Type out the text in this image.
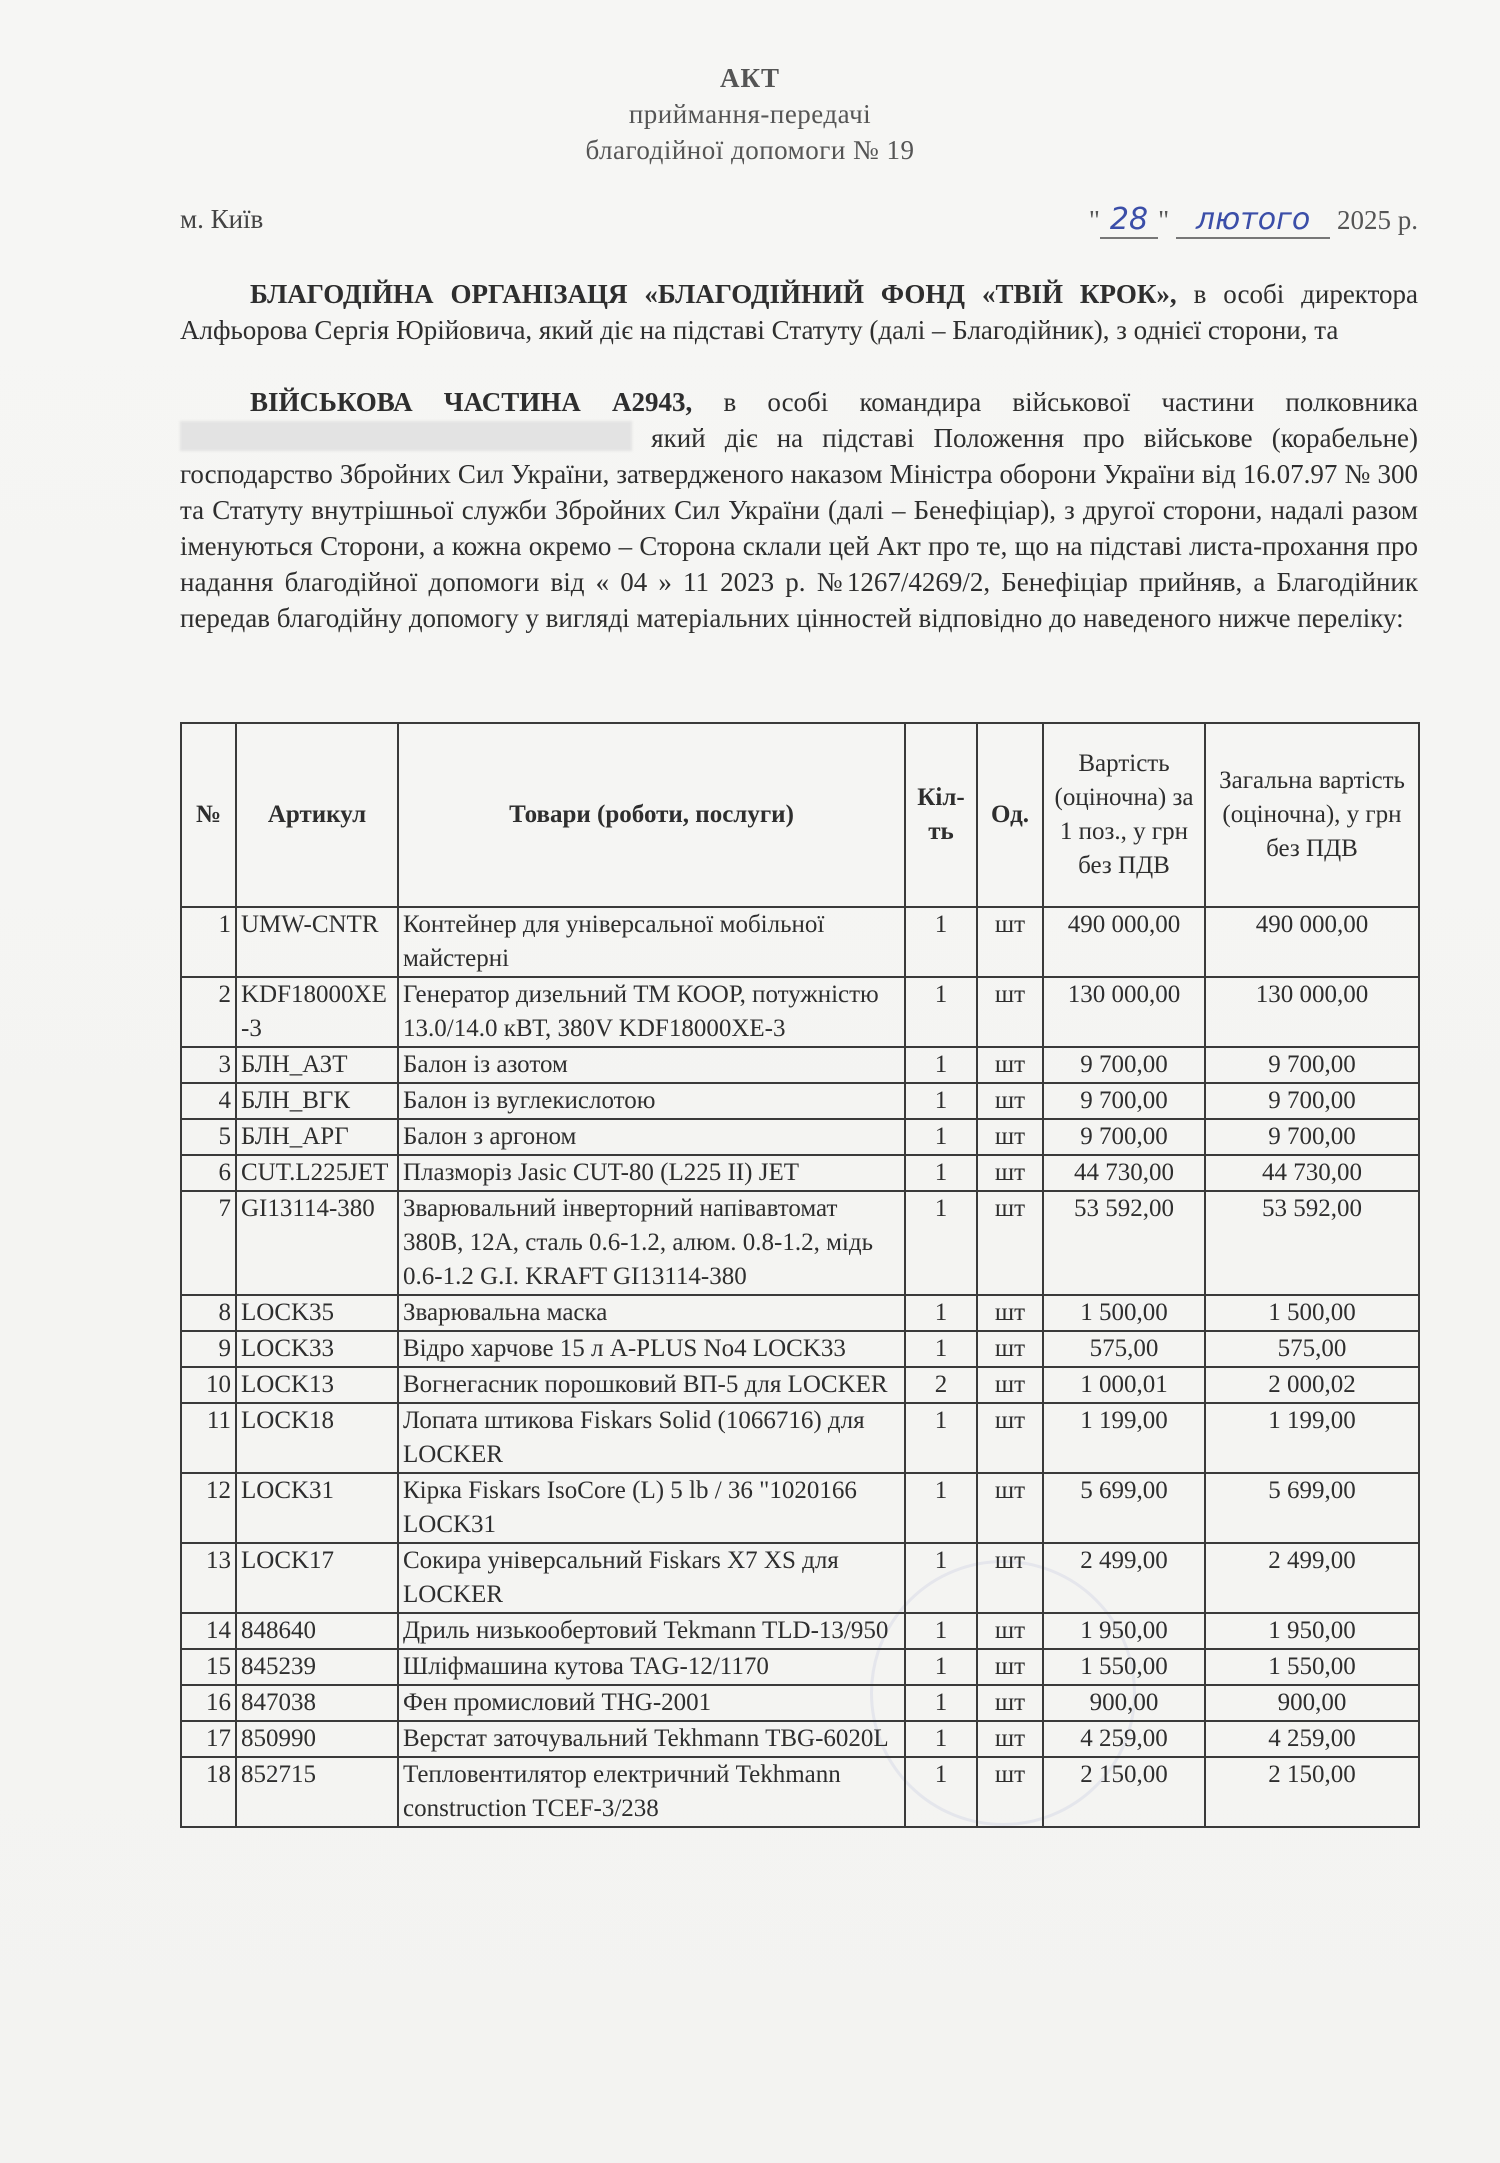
АКТ
приймання-передачі
благодійної допомоги № 19
м. Київ	" 28 " лютого 2025 р.
БЛАГОДІЙНА ОРГАНІЗАЦЯ «БЛАГОДІЙНИЙ ФОНД «ТВІЙ КРОК», в особі директора Алфьорова Сергія Юрійовича, який діє на підставі Статуту (далі – Благодійник), з однієї сторони, та
ВІЙСЬКОВА ЧАСТИНА А2943, в особі командира військової частини полковника  який діє на підставі Положення про військове (корабельне) господарство Збройних Сил України, затвердженого наказом Міністра оборони України від 16.07.97 № 300 та Статуту внутрішньої служби Збройних Сил України (далі – Бенефіціар), з другої сторони, надалі разом іменуються Сторони, а кожна окремо – Сторона склали цей Акт про те, що на підставі листа-прохання про надання благодійної допомоги від « 04 » 11 2023 р. №1267/4269/2, Бенефіціар прийняв, а Благодійник передав благодійну допомогу у вигляді матеріальних цінностей відповідно до наведеного нижче переліку:
№	Артикул	Товари (роботи, послуги)	Кіл-ть	Од.	Вартість (оціночна) за 1 поз., у грн без ПДВ	Загальна вартість (оціночна), у грн без ПДВ
1	UMW-CNTR	Контейнер для універсальної мобільної майстерні	1	шт	490 000,00	490 000,00
2	KDF18000XE-3	Генератор дизельний ТМ КООР, потужністю 13.0/14.0 кВТ, 380V KDF18000XE-3	1	шт	130 000,00	130 000,00
3	БЛН_АЗТ	Балон із азотом	1	шт	9 700,00	9 700,00
4	БЛН_ВГК	Балон із вуглекислотою	1	шт	9 700,00	9 700,00
5	БЛН_АРГ	Балон з аргоном	1	шт	9 700,00	9 700,00
6	CUT.L225JET	Плазморіз Jasic CUT-80 (L225 II) JET	1	шт	44 730,00	44 730,00
7	GI13114-380	Зварювальний інверторний напівавтомат 380В, 12А, сталь 0.6-1.2, алюм. 0.8-1.2, мідь 0.6-1.2 G.I. KRAFT GI13114-380	1	шт	53 592,00	53 592,00
8	LOCK35	Зварювальна маска	1	шт	1 500,00	1 500,00
9	LOCK33	Відро харчове 15 л A-PLUS No4 LOCK33	1	шт	575,00	575,00
10	LOCK13	Вогнегасник порошковий ВП-5 для LOCKER	2	шт	1 000,01	2 000,02
11	LOCK18	Лопата штикова Fiskars Solid (1066716) для LOCKER	1	шт	1 199,00	1 199,00
12	LOCK31	Кірка Fiskars IsoCore (L) 5 lb / 36 "1020166 LOCK31	1	шт	5 699,00	5 699,00
13	LOCK17	Сокира універсальний Fiskars X7 XS для LOCKER	1	шт	2 499,00	2 499,00
14	848640	Дриль низькообертовий Tekmann TLD-13/950	1	шт	1 950,00	1 950,00
15	845239	Шліфмашина кутова TAG-12/1170	1	шт	1 550,00	1 550,00
16	847038	Фен промисловий THG-2001	1	шт	900,00	900,00
17	850990	Верстат заточувальний Tekhmann TBG-6020L	1	шт	4 259,00	4 259,00
18	852715	Тепловентилятор електричний Tekhmann construction TCEF-3/238	1	шт	2 150,00	2 150,00
